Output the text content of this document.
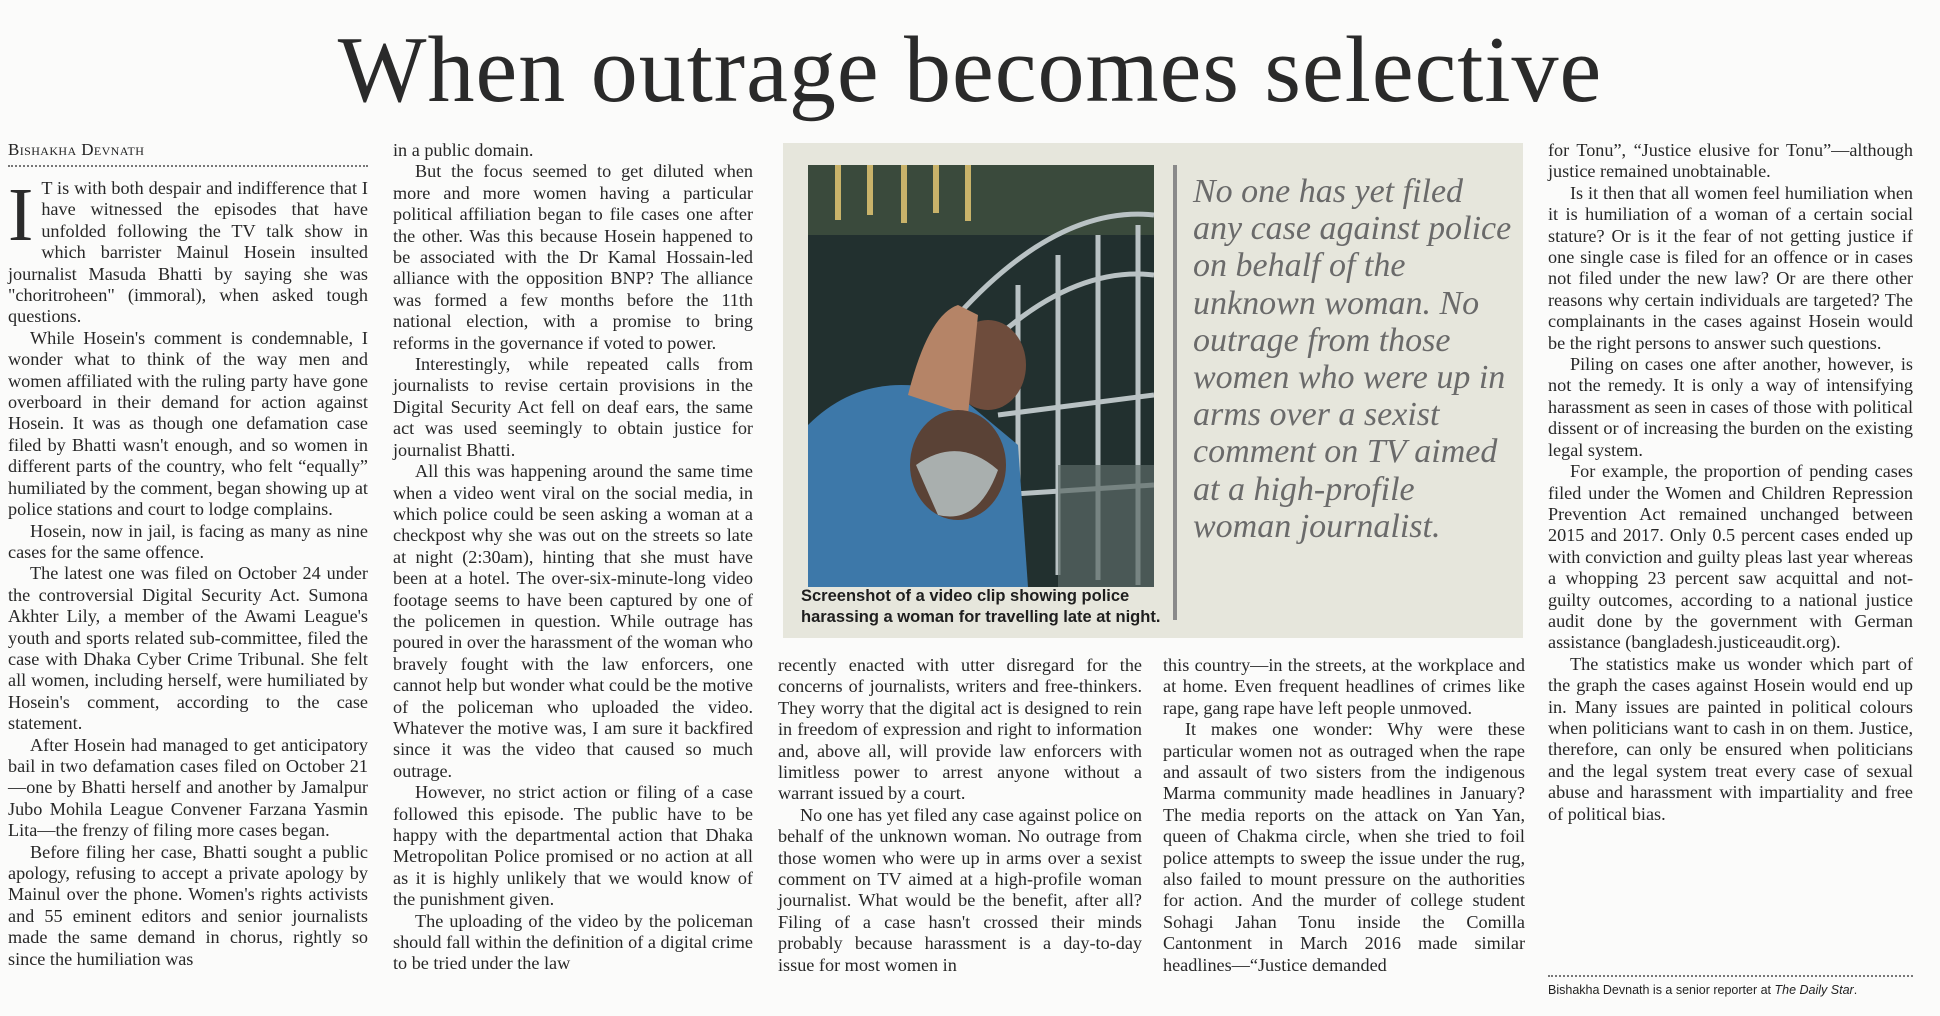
When outrage becomes selective
Bishakha Devnath

I T is with both despair and indifference that I have witnessed the episodes that have unfolded following the TV talk show in which barrister Mainul Hosein insulted journalist Masuda Bhatti by saying she was "choritroheen" (immoral), when asked tough questions.

While Hosein's comment is condemnable, I wonder what to think of the way men and women affiliated with the ruling party have gone overboard in their demand for action against Hosein. It was as though one defamation case filed by Bhatti wasn't enough, and so women in different parts of the country, who felt “equally” humiliated by the comment, began showing up at police stations and court to lodge complains.

Hosein, now in jail, is facing as many as nine cases for the same offence.

The latest one was filed on October 24 under the controversial Digital Security Act. Sumona Akhter Lily, a member of the Awami League's youth and sports related sub-committee, filed the case with Dhaka Cyber Crime Tribunal. She felt all women, including herself, were humiliated by Hosein's comment, according to the case statement.

After Hosein had managed to get anticipatory bail in two defamation cases filed on October 21—one by Bhatti herself and another by Jamalpur Jubo Mohila League Convener Farzana Yasmin Lita—the frenzy of filing more cases began.

Before filing her case, Bhatti sought a public apology, refusing to accept a private apology by Mainul over the phone. Women's rights activists and 55 eminent editors and senior journalists made the same demand in chorus, rightly so since the humiliation was

in a public domain.

But the focus seemed to get diluted when more and more women having a particular political affiliation began to file cases one after the other. Was this because Hosein happened to be associated with the Dr Kamal Hossain-led alliance with the opposition BNP? The alliance was formed a few months before the 11th national election, with a promise to bring reforms in the governance if voted to power.

Interestingly, while repeated calls from journalists to revise certain provisions in the Digital Security Act fell on deaf ears, the same act was used seemingly to obtain justice for journalist Bhatti.

All this was happening around the same time when a video went viral on the social media, in which police could be seen asking a woman at a checkpost why she was out on the streets so late at night (2:30am), hinting that she must have been at a hotel. The over-six-minute-long video footage seems to have been captured by one of the policemen in question. While outrage has poured in over the harassment of the woman who bravely fought with the law enforcers, one cannot help but wonder what could be the motive of the policeman who uploaded the video. Whatever the motive was, I am sure it backfired since it was the video that caused so much outrage.

However, no strict action or filing of a case followed this episode. The public have to be happy with the departmental action that Dhaka Metropolitan Police promised or no action at all as it is highly unlikely that we would know of the punishment given.

The uploading of the video by the policeman should fall within the definition of a digital crime to be tried under the law

Screenshot of a video clip showing police harassing a woman for travelling late at night.
No one has yet filed any case against police on behalf of the unknown woman. No outrage from those women who were up in arms over a sexist comment on TV aimed at a high-profile woman journalist.

recently enacted with utter disregard for the concerns of journalists, writers and free-thinkers. They worry that the digital act is designed to rein in freedom of expression and right to information and, above all, will provide law enforcers with limitless power to arrest anyone without a warrant issued by a court.

No one has yet filed any case against police on behalf of the unknown woman. No outrage from those women who were up in arms over a sexist comment on TV aimed at a high-profile woman journalist. What would be the benefit, after all? Filing of a case hasn't crossed their minds probably because harassment is a day-to-day issue for most women in

this country—in the streets, at the workplace and at home. Even frequent headlines of crimes like rape, gang rape have left people unmoved.

It makes one wonder: Why were these particular women not as outraged when the rape and assault of two sisters from the indigenous Marma community made headlines in January? The media reports on the attack on Yan Yan, queen of Chakma circle, when she tried to foil police attempts to sweep the issue under the rug, also failed to mount pressure on the authorities for action. And the murder of college student Sohagi Jahan Tonu inside the Comilla Cantonment in March 2016 made similar headlines—“Justice demanded

for Tonu”, “Justice elusive for Tonu”—although justice remained unobtainable.

Is it then that all women feel humiliation when it is humiliation of a woman of a certain social stature? Or is it the fear of not getting justice if one single case is filed for an offence or in cases not filed under the new law? Or are there other reasons why certain individuals are targeted? The complainants in the cases against Hosein would be the right persons to answer such questions.

Piling on cases one after another, however, is not the remedy. It is only a way of intensifying harassment as seen in cases of those with political dissent or of increasing the burden on the existing legal system.

For example, the proportion of pending cases filed under the Women and Children Repression Prevention Act remained unchanged between 2015 and 2017. Only 0.5 percent cases ended up with conviction and guilty pleas last year whereas a whopping 23 percent saw acquittal and not-guilty outcomes, according to a national justice audit done by the government with German assistance (bangladesh.justiceaudit.org).

The statistics make us wonder which part of the graph the cases against Hosein would end up in. Many issues are painted in political colours when politicians want to cash in on them. Justice, therefore, can only be ensured when politicians and the legal system treat every case of sexual abuse and harassment with impartiality and free of political bias.

Bishakha Devnath is a senior reporter at The Daily Star.
